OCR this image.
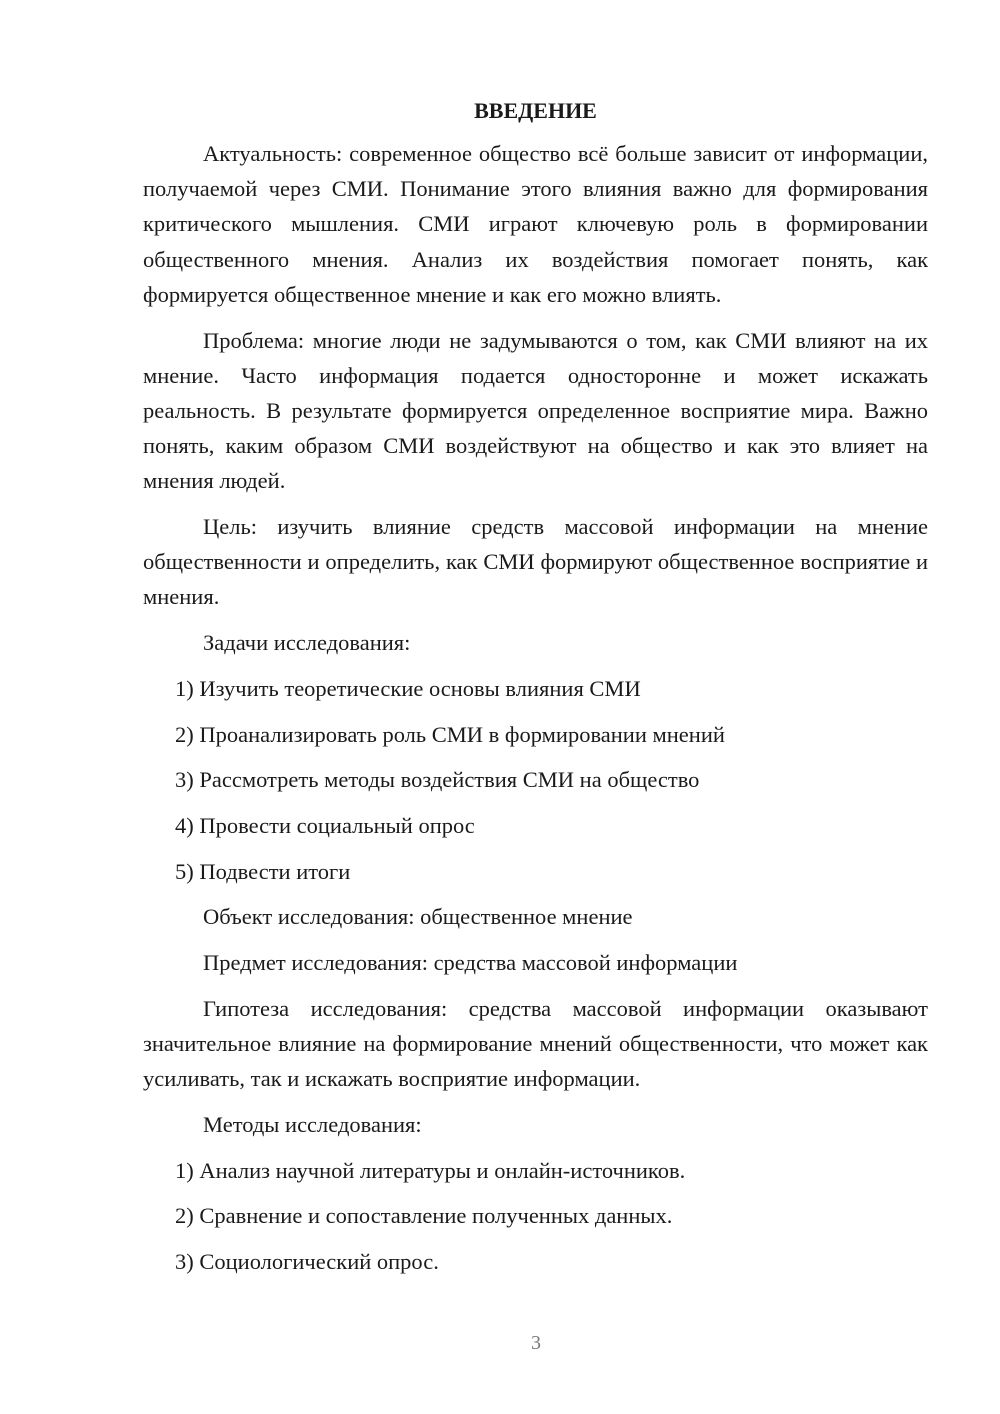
ВВЕДЕНИЕ

Актуальность: современное общество всё больше зависит от информации, получаемой через СМИ. Понимание этого влияния важно для формирования критического мышления. СМИ играют ключевую роль в формировании общественного мнения. Анализ их воздействия помогает понять, как формируется общественное мнение и как его можно влиять.

Проблема: многие люди не задумываются о том, как СМИ влияют на их мнение. Часто информация подается односторонне и может искажать реальность. В результате формируется определенное восприятие мира. Важно понять, каким образом СМИ воздействуют на общество и как это влияет на мнения людей.

Цель: изучить влияние средств массовой информации на мнение общественности и определить, как СМИ формируют общественное восприятие и мнения.

Задачи исследования:
1) Изучить теоретические основы влияния СМИ
2) Проанализировать роль СМИ в формировании мнений
3) Рассмотреть методы воздействия СМИ на общество
4) Провести социальный опрос
5) Подвести итоги
Объект исследования: общественное мнение
Предмет исследования: средства массовой информации

Гипотеза исследования: средства массовой информации оказывают значительное влияние на формирование мнений общественности, что может как усиливать, так и искажать восприятие информации.

Методы исследования:
1) Анализ научной литературы и онлайн-источников.
2) Сравнение и сопоставление полученных данных.
3) Социологический опрос.
3
